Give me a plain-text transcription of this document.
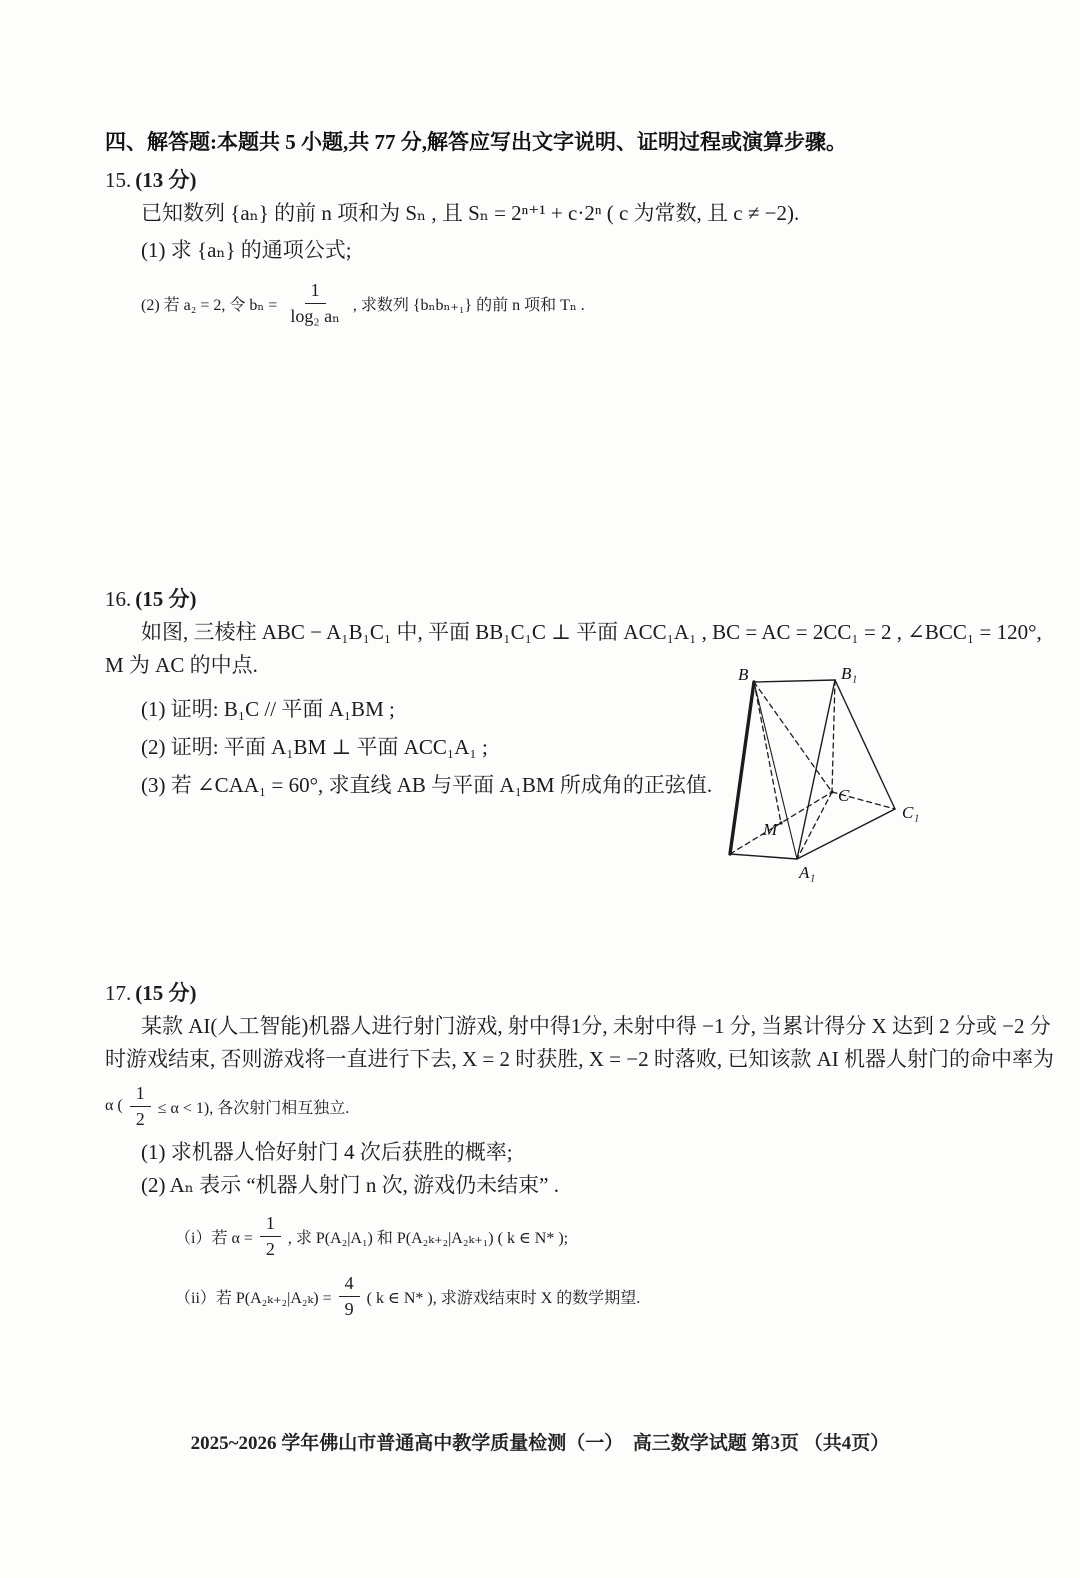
四、解答题:本题共 5 小题,共 77 分,解答应写出文字说明、证明过程或演算步骤。
15. (13 分)
已知数列 {aₙ} 的前 n 项和为 Sₙ , 且 Sₙ = 2ⁿ⁺¹ + c·2ⁿ ( c 为常数, 且 c ≠ −2).
(1) 求 {aₙ} 的通项公式;
(2) 若 a₂ = 2, 令 $b_n = \frac{1}{\text{log₂ aₙ}}$ , 求数列 {bₙbₙ₊₁} 的前 n 项和 Tₙ .
16. (15 分)
如图, 三棱柱 ABC − A₁B₁C₁ 中, 平面 BB₁C₁C ⊥ 平面 ACC₁A₁ , BC = AC = 2CC₁ = 2 , ∠BCC₁ = 120°,
M 为 AC 的中点.
(1) 证明: B₁C // 平面 A₁BM ;
(2) 证明: 平面 A₁BM ⊥ 平面 ACC₁A₁ ;
(3) 若 ∠CAA₁ = 60°, 求直线 AB 与平面 A₁BM 所成角的正弦值.
B	B₁
C
C₁
M
A₁
17. (15 分)
某款 AI(人工智能)机器人进行射门游戏, 射中得1分, 未射中得 −1 分, 当累计得分 X 达到 2 分或 −2 分
时游戏结束, 否则游戏将一直进行下去, X = 2 时获胜, X = −2 时落败, 已知该款 AI 机器人射门的命中率为
α ( $\frac{1}{2} \le \alpha < 1$), 各次射门相互独立.
(1) 求机器人恰好射门 4 次后获胜的概率;
(2) Aₙ 表示 “机器人射门 n 次, 游戏仍未结束” .
（i）若 $\alpha = \frac{1}{2}$ , 求 P(A₂|A₁) 和 P(A₂ₖ₊₂|A₂ₖ₊₁) ( k ∈ N* );
（ii）若 $P(A_{2k+2}|A_{2k}) = \frac{4}{9}$ ( k ∈ N* ), 求游戏结束时 X 的数学期望.
2025~2026 学年佛山市普通高中教学质量检测（一）　高三数学试题 第3页 （共4页）
